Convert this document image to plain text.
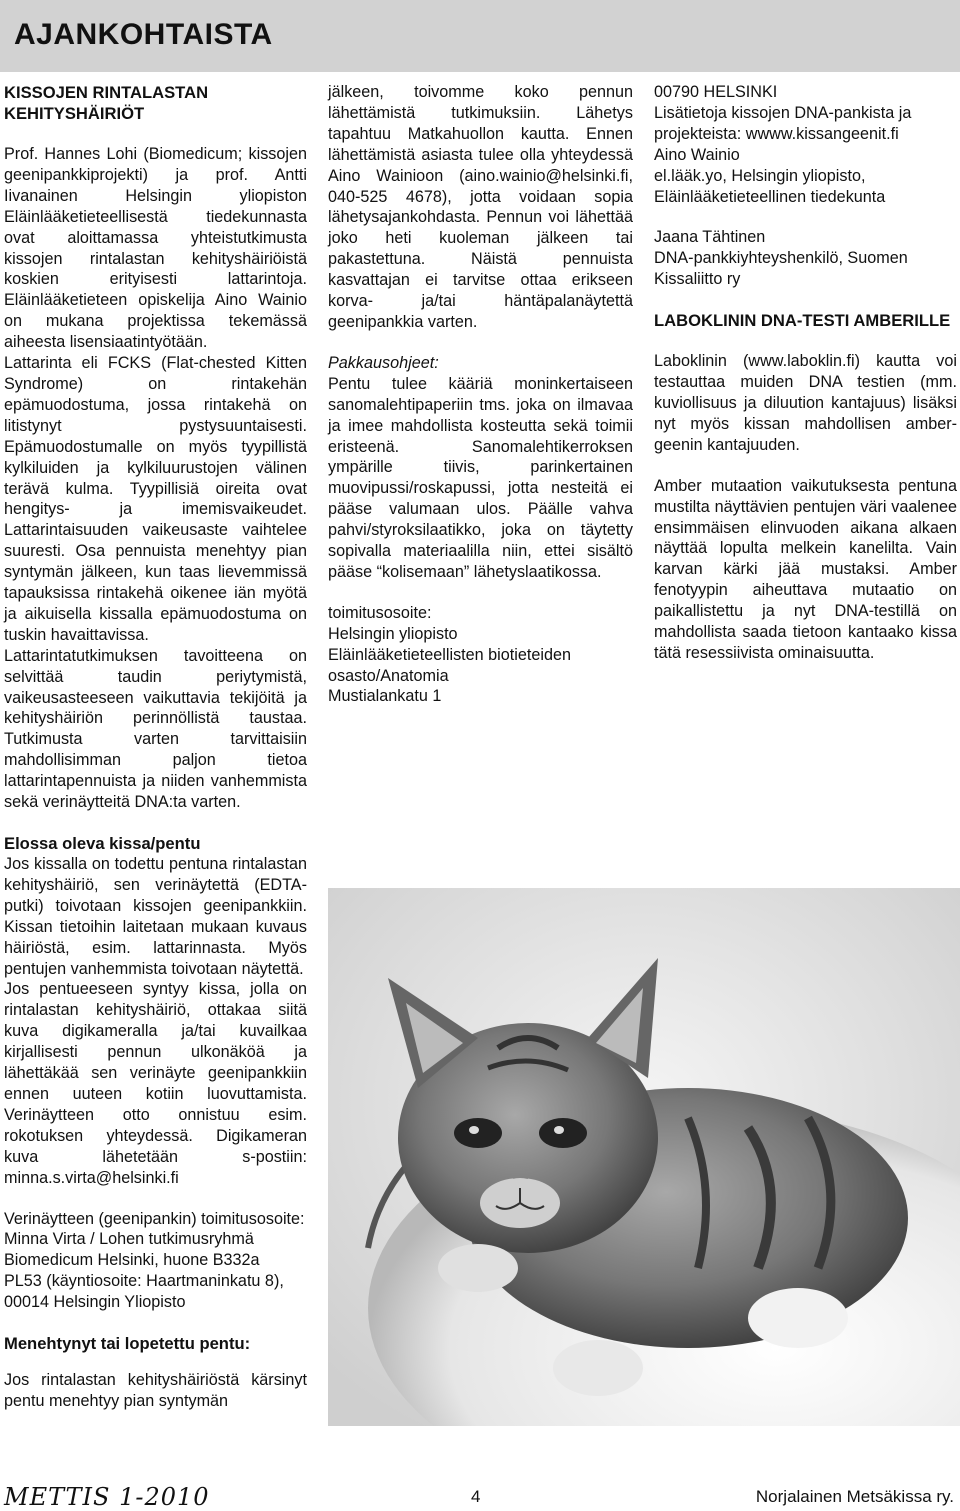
AJANKOHTAISTA

KISSOJEN RINTALASTAN KEHITYSHÄIRIÖT

Prof. Hannes Lohi (Biomedicum; kissojen geenipankkiprojekti) ja prof. Antti Iivanainen Helsingin yliopiston Eläinlääketieteellisestä tiedekunnasta ovat aloittamassa yhteistutkimusta kissojen rintalastan kehityshäiriöistä koskien erityisesti lattarintoja. Eläinlääketieteen opiskelija Aino Wainio on mukana projektissa tekemässä aiheesta lisensiaatintyötään.

Lattarinta eli FCKS (Flat-chested Kitten Syndrome) on rintakehän epämuodostuma, jossa rintakehä on litistynyt pystysuuntaisesti. Epämuodostumalle on myös tyypillistä kylkiluiden ja kylkiluurustojen välinen terävä kulma. Tyypillisiä oireita ovat hengitys- ja imemisvaikeudet. Lattarintaisuuden vaikeusaste vaihtelee suuresti. Osa pennuista menehtyy pian syntymän jälkeen, kun taas lievemmissä tapauksissa rintakehä oikenee iän myötä ja aikuisella kissalla epämuodostuma on tuskin havaittavissa.

Lattarintatutkimuksen tavoitteena on selvittää taudin periytymistä, vaikeusasteeseen vaikuttavia tekijöitä ja kehityshäiriön perinnöllistä taustaa. Tutkimusta varten tarvittaisiin mahdollisimman paljon tietoa lattarintapennuista ja niiden vanhemmista sekä verinäytteitä DNA:ta varten.

Elossa oleva kissa/pentu

Jos kissalla on todettu pentuna rintalastan kehityshäiriö, sen verinäytettä (EDTA-putki) toivotaan kissojen geenipankkiin. Kissan tietoihin laitetaan mukaan kuvaus häiriöstä, esim. lattarinnasta. Myös pentujen vanhemmista toivotaan näytettä.

Jos pentueeseen syntyy kissa, jolla on rintalastan kehityshäiriö, ottakaa siitä kuva digikameralla ja/tai kuvailkaa kirjallisesti pennun ulkonäköä ja lähettäkää sen verinäyte geenipankkiin ennen uuteen kotiin luovuttamista. Verinäytteen otto onnistuu esim. rokotuksen yhteydessä. Digikameran kuva lähetetään s-postiin: minna.s.virta@helsinki.fi

Verinäytteen (geenipankin) toimitusosoite:

Minna Virta / Lohen tutkimusryhmä

Biomedicum Helsinki, huone B332a

PL53 (käyntiosoite: Haartmaninkatu 8), 00014 Helsingin Yliopisto

Menehtynyt tai lopetettu pentu:

Jos rintalastan kehityshäiriöstä kärsinyt pentu menehtyy pian syntymän

jälkeen, toivomme koko pennun lähettämistä tutkimuksiin. Lähetys tapahtuu Matkahuollon kautta. Ennen lähettämistä asiasta tulee olla yhteydessä Aino Wainioon (aino.wainio@helsinki.fi, 040-525 4678), jotta voidaan sopia lähetysajankohdasta. Pennun voi lähettää joko heti kuoleman jälkeen tai pakastettuna. Näistä pennuista kasvattajan ei tarvitse ottaa erikseen korva- ja/tai häntäpalanäytettä geenipankkia varten.

Pakkausohjeet:

Pentu tulee kääriä moninkertaiseen sanomalehtipaperiin tms. joka on ilmavaa ja imee mahdollista kosteutta sekä toimii eristeenä. Sanomalehtikerroksen ympärille tiivis, parinkertainen muovipussi/roskapussi, jotta nesteitä ei pääse valumaan ulos. Päälle vahva pahvi/styroksilaatikko, joka on täytetty sopivalla materiaalilla niin, ettei sisältö pääse “kolisemaan” lähetyslaatikossa.

toimitusosoite:

Helsingin yliopisto

Eläinlääketieteellisten biotieteiden osasto/Anatomia

Mustialankatu 1

00790 HELSINKI

Lisätietoja kissojen DNA-pankista ja projekteista: wwww.kissangeenit.fi

Aino Wainio

el.lääk.yo, Helsingin yliopisto, Eläinlääketieteellinen tiedekunta

Jaana Tähtinen

DNA-pankkiyhteyshenkilö, Suomen Kissaliitto ry

LABOKLININ DNA-TESTI AMBERILLE

Laboklinin (www.laboklin.fi) kautta voi testauttaa muiden DNA testien (mm. kuviollisuus ja diluution kantajuus) lisäksi nyt myös kissan mahdollisen amber-geenin kantajuuden.

Amber mutaation vaikutuksesta pentuna mustilta näyttävien pentujen väri vaalenee ensimmäisen elinvuoden aikana alkaen näyttää lopulta melkein kanelilta. Vain karvan kärki jää mustaksi. Amber fenotyypin aiheuttava mutaatio on paikallistettu ja nyt DNA-testillä on mahdollista saada tietoon kantaako kissa tätä resessiivista ominaisuutta.

METTIS 1-2010	4	Norjalainen Metsäkissa ry.
